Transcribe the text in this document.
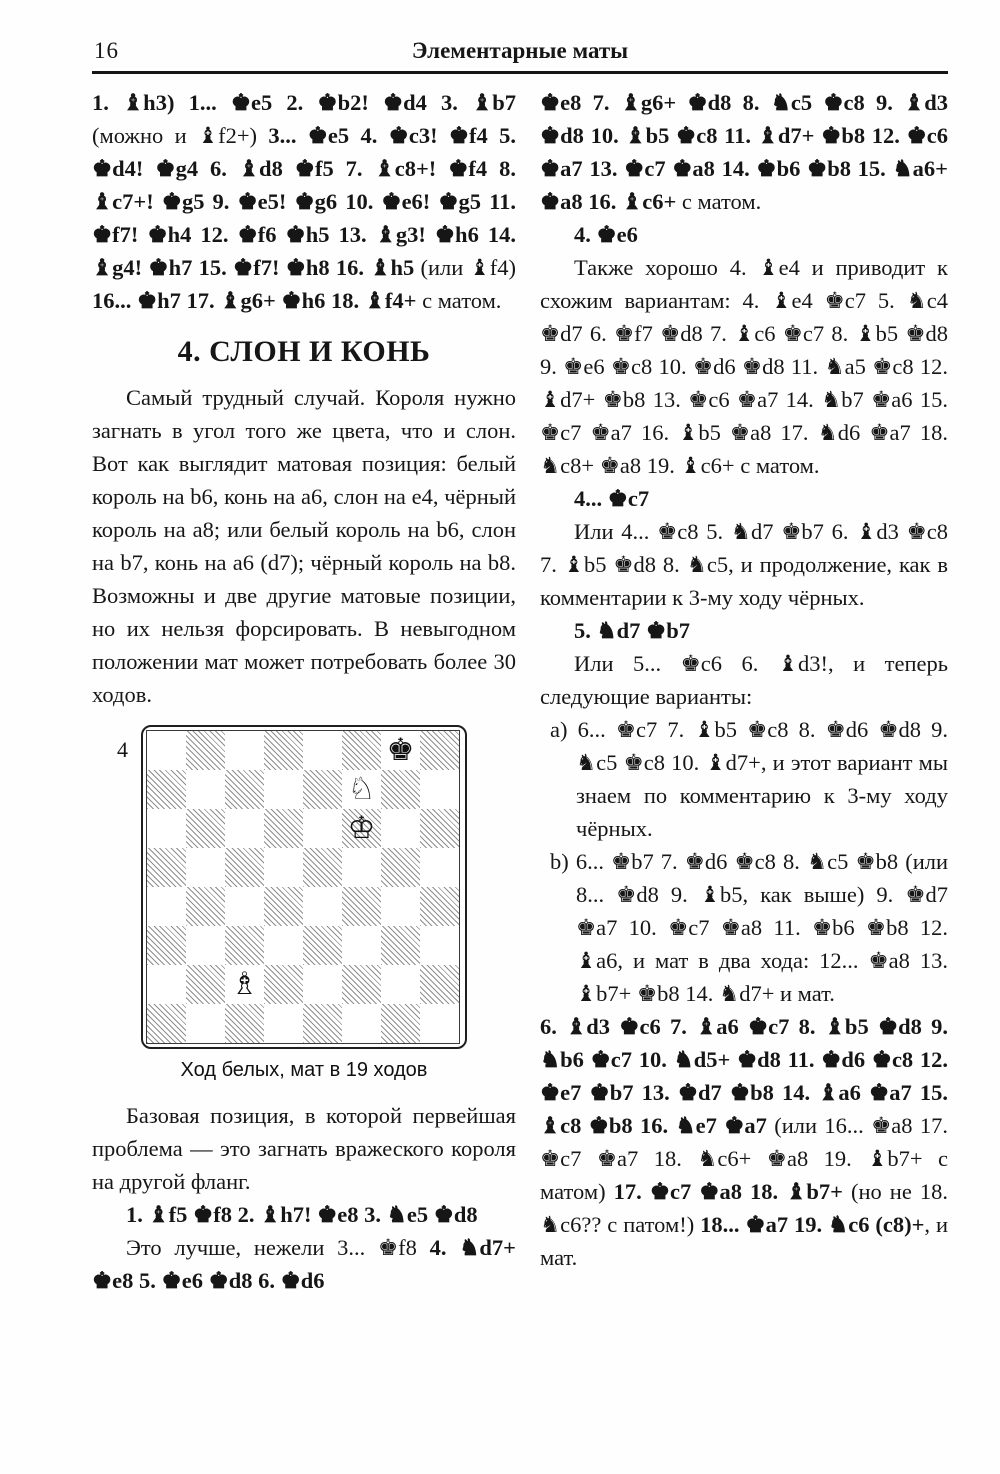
16	Элементарные маты

1. ♝h3) 1... ♚e5 2. ♚b2! ♚d4 3. ♝b7 (можно и ♝f2+) 3... ♚e5 4. ♚c3! ♚f4 5. ♚d4! ♚g4 6. ♝d8 ♚f5 7. ♝c8+! ♚f4 8. ♝c7+! ♚g5 9. ♚e5! ♚g6 10. ♚e6! ♚g5 11. ♚f7! ♚h4 12. ♚f6 ♚h5 13. ♝g3! ♚h6 14. ♝g4! ♚h7 15. ♚f7! ♚h8 16. ♝h5 (или ♝f4) 16... ♚h7 17. ♝g6+ ♚h6 18. ♝f4+ с матом.

4. СЛОН И КОНЬ

Самый трудный случай. Короля нужно загнать в угол того же цвета, что и слон. Вот как выглядит матовая позиция: белый король на b6, конь на a6, слон на e4, чёрный король на a8; или белый король на b6, слон на b7, конь на a6 (d7); чёрный король на b8. Возможны и две другие матовые позиции, но их нельзя форсировать. В невыгодном положении мат может потребовать более 30 ходов.

4	♚
♘
♔
♗
Ход белых, мат в 19 ходов

Базовая позиция, в которой первейшая проблема — это загнать вражеского короля на другой фланг.

1. ♝f5 ♚f8 2. ♝h7! ♚e8 3. ♞e5 ♚d8

Это лучше, нежели 3... ♚f8 4. ♞d7+ ♚e8 5. ♚e6 ♚d8 6. ♚d6

♚e8 7. ♝g6+ ♚d8 8. ♞c5 ♚c8 9. ♝d3 ♚d8 10. ♝b5 ♚c8 11. ♝d7+ ♚b8 12. ♚c6 ♚a7 13. ♚c7 ♚a8 14. ♚b6 ♚b8 15. ♞a6+ ♚a8 16. ♝c6+ с матом.

4. ♚e6

Также хорошо 4. ♝e4 и приводит к схожим вариантам: 4. ♝e4 ♚c7 5. ♞c4 ♚d7 6. ♚f7 ♚d8 7. ♝c6 ♚c7 8. ♝b5 ♚d8 9. ♚e6 ♚c8 10. ♚d6 ♚d8 11. ♞a5 ♚c8 12. ♝d7+ ♚b8 13. ♚c6 ♚a7 14. ♞b7 ♚a6 15. ♚c7 ♚a7 16. ♝b5 ♚a8 17. ♞d6 ♚a7 18. ♞c8+ ♚a8 19. ♝c6+ с матом.

4... ♚c7

Или 4... ♚c8 5. ♞d7 ♚b7 6. ♝d3 ♚c8 7. ♝b5 ♚d8 8. ♞c5, и продолжение, как в комментарии к 3-му ходу чёрных.

5. ♞d7 ♚b7

Или 5... ♚c6 6. ♝d3!, и теперь следующие варианты:

a) 6... ♚c7 7. ♝b5 ♚c8 8. ♚d6 ♚d8 9. ♞c5 ♚c8 10. ♝d7+, и этот вариант мы знаем по комментарию к 3-му ходу чёрных.

b) 6... ♚b7 7. ♚d6 ♚c8 8. ♞c5 ♚b8 (или 8... ♚d8 9. ♝b5, как выше) 9. ♚d7 ♚a7 10. ♚c7 ♚a8 11. ♚b6 ♚b8 12. ♝a6, и мат в два хода: 12... ♚a8 13. ♝b7+ ♚b8 14. ♞d7+ и мат.

6. ♝d3 ♚c6 7. ♝a6 ♚c7 8. ♝b5 ♚d8 9. ♞b6 ♚c7 10. ♞d5+ ♚d8 11. ♚d6 ♚c8 12. ♚e7 ♚b7 13. ♚d7 ♚b8 14. ♝a6 ♚a7 15. ♝c8 ♚b8 16. ♞e7 ♚a7 (или 16... ♚a8 17. ♚c7 ♚a7 18. ♞c6+ ♚a8 19. ♝b7+ с матом) 17. ♚c7 ♚a8 18. ♝b7+ (но не 18. ♞c6?? с патом!) 18... ♚a7 19. ♞c6 (c8)+, и мат.
